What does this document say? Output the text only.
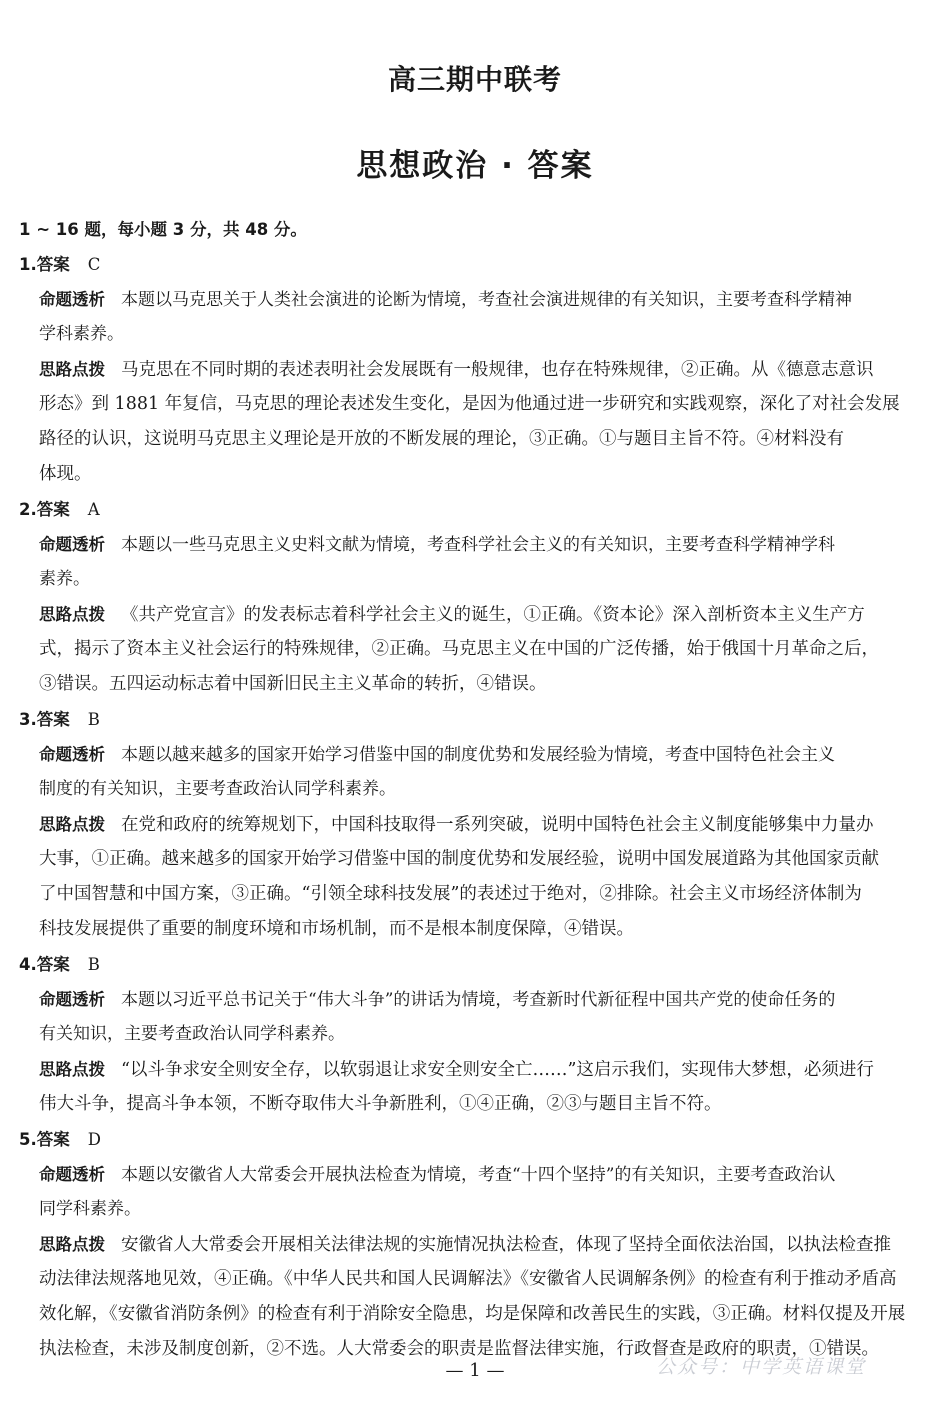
高三期中联考
思想政治 · 答案
1 ~ 16 题，每小题 3 分，共 48 分。
1.答案 C
命题透析 本题以马克思关于人类社会演进的论断为情境，考查社会演进规律的有关知识，主要考查科学精神
学科素养。
思路点拨 马克思在不同时期的表述表明社会发展既有一般规律，也存在特殊规律，②正确。从《德意志意识
形态》到 1881 年复信，马克思的理论表述发生变化，是因为他通过进一步研究和实践观察，深化了对社会发展
路径的认识，这说明马克思主义理论是开放的不断发展的理论，③正确。①与题目主旨不符。④材料没有
体现。
2.答案 A
命题透析 本题以一些马克思主义史料文献为情境，考查科学社会主义的有关知识，主要考查科学精神学科
素养。
思路点拨 《共产党宣言》的发表标志着科学社会主义的诞生，①正确。《资本论》深入剖析资本主义生产方
式，揭示了资本主义社会运行的特殊规律，②正确。马克思主义在中国的广泛传播，始于俄国十月革命之后，
③错误。五四运动标志着中国新旧民主主义革命的转折，④错误。
3.答案 B
命题透析 本题以越来越多的国家开始学习借鉴中国的制度优势和发展经验为情境，考查中国特色社会主义
制度的有关知识，主要考查政治认同学科素养。
思路点拨 在党和政府的统筹规划下，中国科技取得一系列突破，说明中国特色社会主义制度能够集中力量办
大事，①正确。越来越多的国家开始学习借鉴中国的制度优势和发展经验，说明中国发展道路为其他国家贡献
了中国智慧和中国方案，③正确。“引领全球科技发展”的表述过于绝对，②排除。社会主义市场经济体制为
科技发展提供了重要的制度环境和市场机制，而不是根本制度保障，④错误。
4.答案 B
命题透析 本题以习近平总书记关于“伟大斗争”的讲话为情境，考查新时代新征程中国共产党的使命任务的
有关知识，主要考查政治认同学科素养。
思路点拨 “以斗争求安全则安全存，以软弱退让求安全则安全亡……”这启示我们，实现伟大梦想，必须进行
伟大斗争，提高斗争本领，不断夺取伟大斗争新胜利，①④正确，②③与题目主旨不符。
5.答案 D
命题透析 本题以安徽省人大常委会开展执法检查为情境，考查“十四个坚持”的有关知识，主要考查政治认
同学科素养。
思路点拨 安徽省人大常委会开展相关法律法规的实施情况执法检查，体现了坚持全面依法治国，以执法检查推
动法律法规落地见效，④正确。《中华人民共和国人民调解法》《安徽省人民调解条例》的检查有利于推动矛盾高
效化解，《安徽省消防条例》的检查有利于消除安全隐患，均是保障和改善民生的实践，③正确。材料仅提及开展
执法检查，未涉及制度创新，②不选。人大常委会的职责是监督法律实施，行政督查是政府的职责，①错误。
— 1 —	公众号：中学英语课堂
